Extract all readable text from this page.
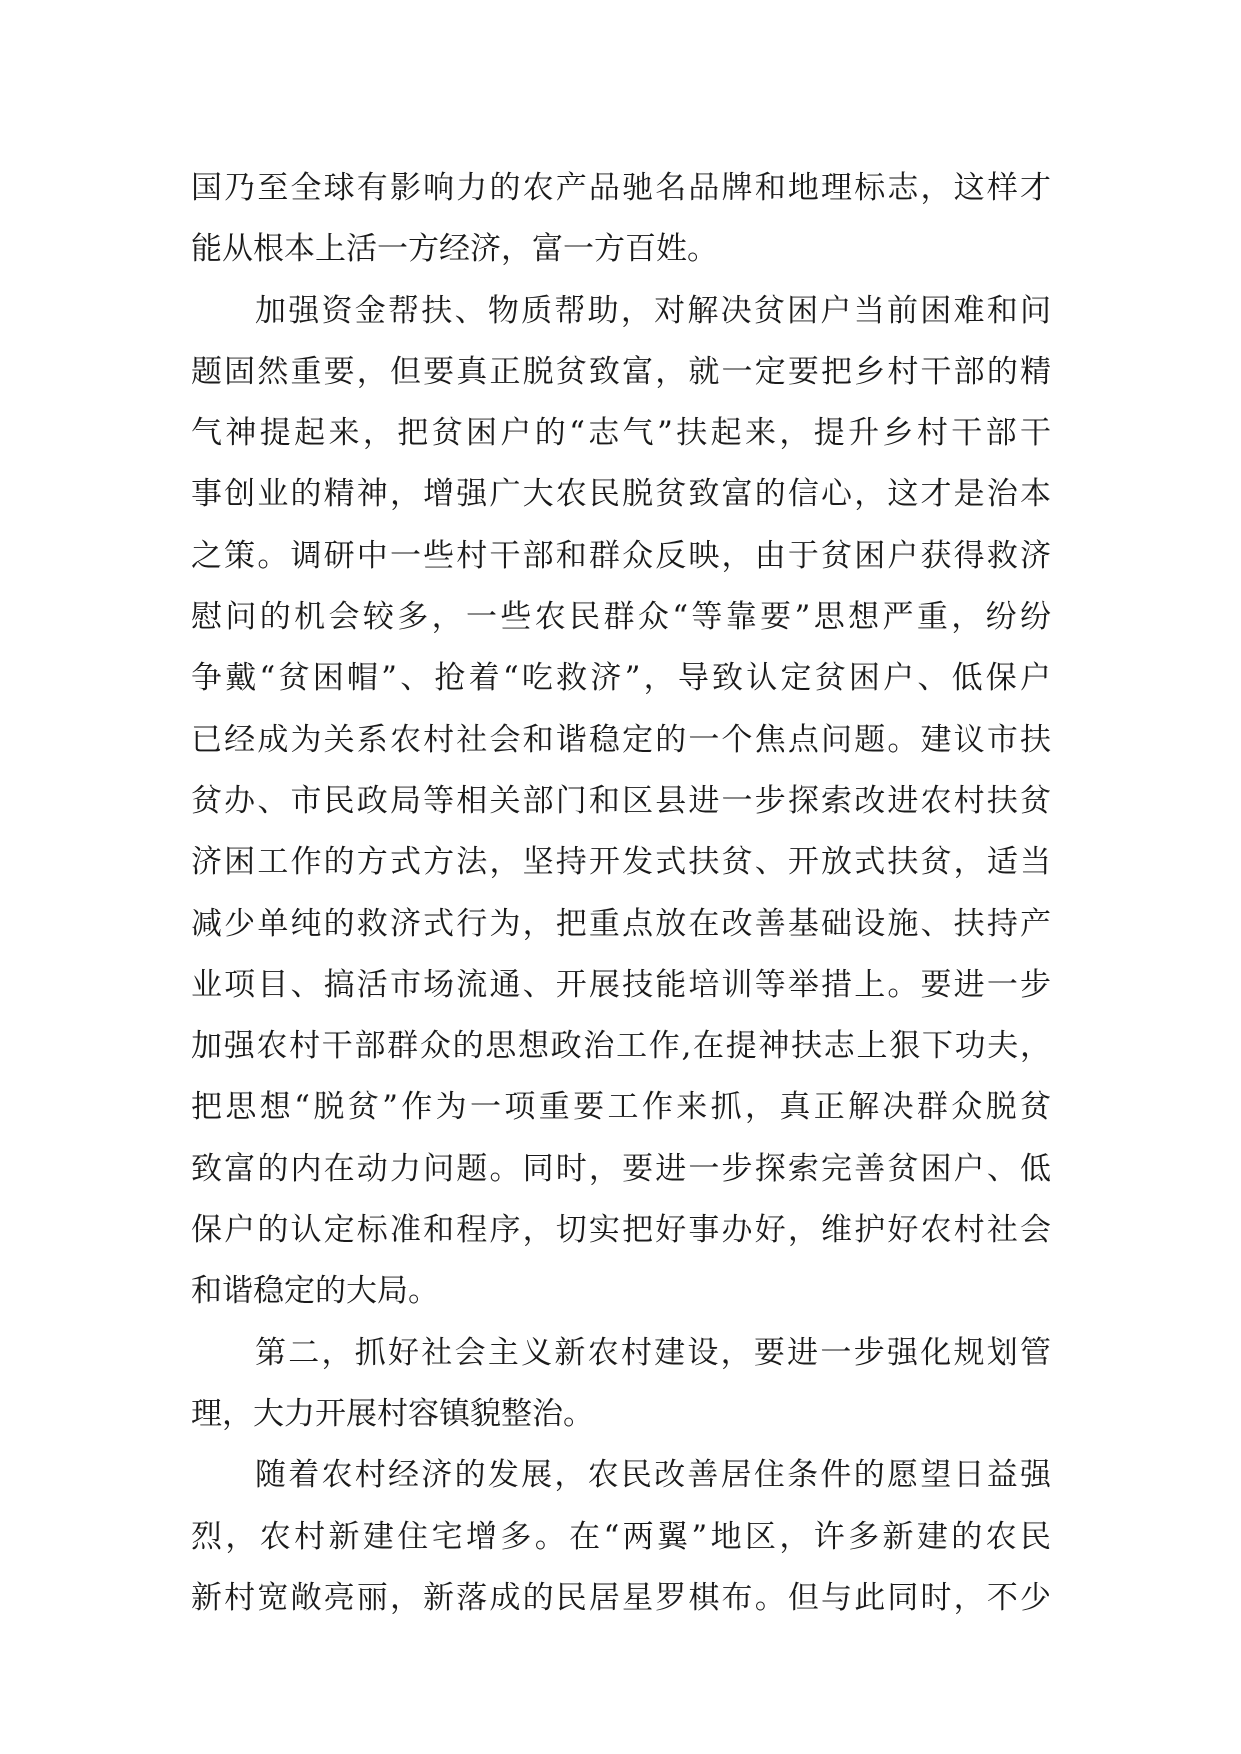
国乃至全球有影响力的农产品驰名品牌和地理标志，这样才
能从根本上活一方经济，富一方百姓。
加强资金帮扶、物质帮助，对解决贫困户当前困难和问
题固然重要，但要真正脱贫致富，就一定要把乡村干部的精
气神提起来，把贫困户的“志气”扶起来，提升乡村干部干
事创业的精神，增强广大农民脱贫致富的信心，这才是治本
之策。调研中一些村干部和群众反映，由于贫困户获得救济
慰问的机会较多，一些农民群众“等靠要”思想严重，纷纷
争戴“贫困帽”、抢着“吃救济”，导致认定贫困户、低保户
已经成为关系农村社会和谐稳定的一个焦点问题。建议市扶
贫办、市民政局等相关部门和区县进一步探索改进农村扶贫
济困工作的方式方法，坚持开发式扶贫、开放式扶贫，适当
减少单纯的救济式行为，把重点放在改善基础设施、扶持产
业项目、搞活市场流通、开展技能培训等举措上。要进一步
加强农村干部群众的思想政治工作,在提神扶志上狠下功夫，
把思想“脱贫”作为一项重要工作来抓，真正解决群众脱贫
致富的内在动力问题。同时，要进一步探索完善贫困户、低
保户的认定标准和程序，切实把好事办好，维护好农村社会
和谐稳定的大局。
第二，抓好社会主义新农村建设，要进一步强化规划管
理，大力开展村容镇貌整治。
随着农村经济的发展，农民改善居住条件的愿望日益强
烈，农村新建住宅增多。在“两翼”地区，许多新建的农民
新村宽敞亮丽，新落成的民居星罗棋布。但与此同时，不少
